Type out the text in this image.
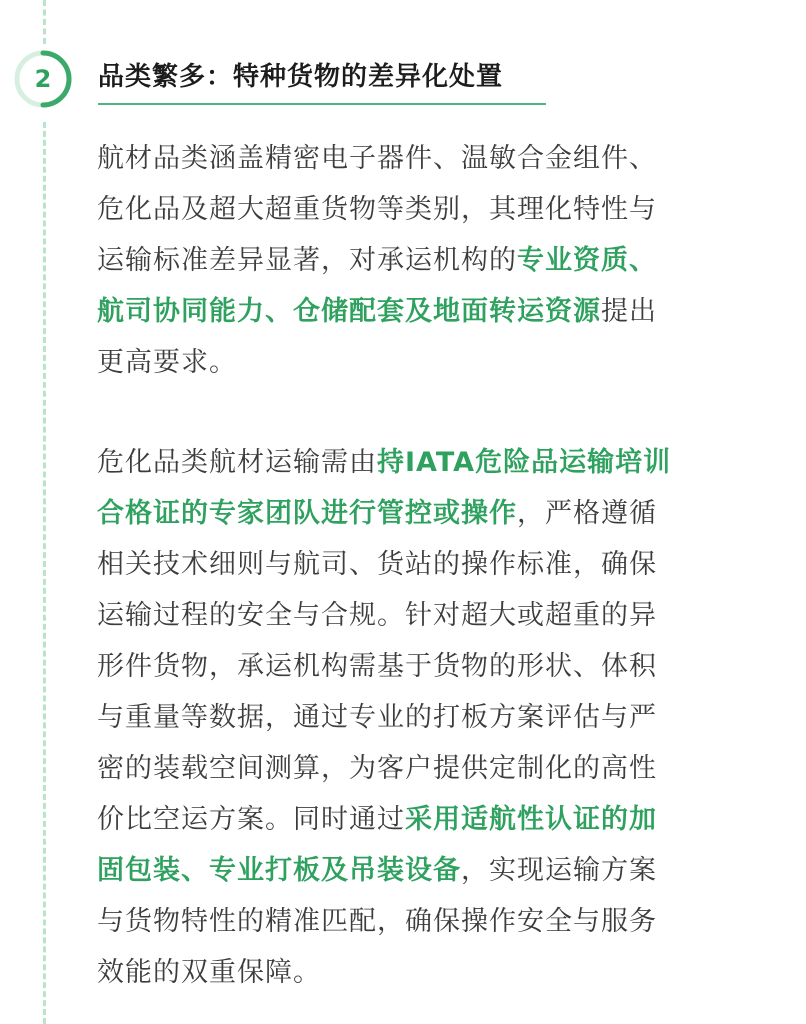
2	品类繁多：特种货物的差异化处置
航材品类涵盖精密电子器件、温敏合金组件、
危化品及超大超重货物等类别，其理化特性与
运输标准差异显著，对承运机构的专业资质、
航司协同能力、仓储配套及地面转运资源提出
更高要求。
危化品类航材运输需由持IATA危险品运输培训
合格证的专家团队进行管控或操作，严格遵循
相关技术细则与航司、货站的操作标准，确保
运输过程的安全与合规。针对超大或超重的异
形件货物，承运机构需基于货物的形状、体积
与重量等数据，通过专业的打板方案评估与严
密的装载空间测算，为客户提供定制化的高性
价比空运方案。同时通过采用适航性认证的加
固包装、专业打板及吊装设备，实现运输方案
与货物特性的精准匹配，确保操作安全与服务
效能的双重保障。
